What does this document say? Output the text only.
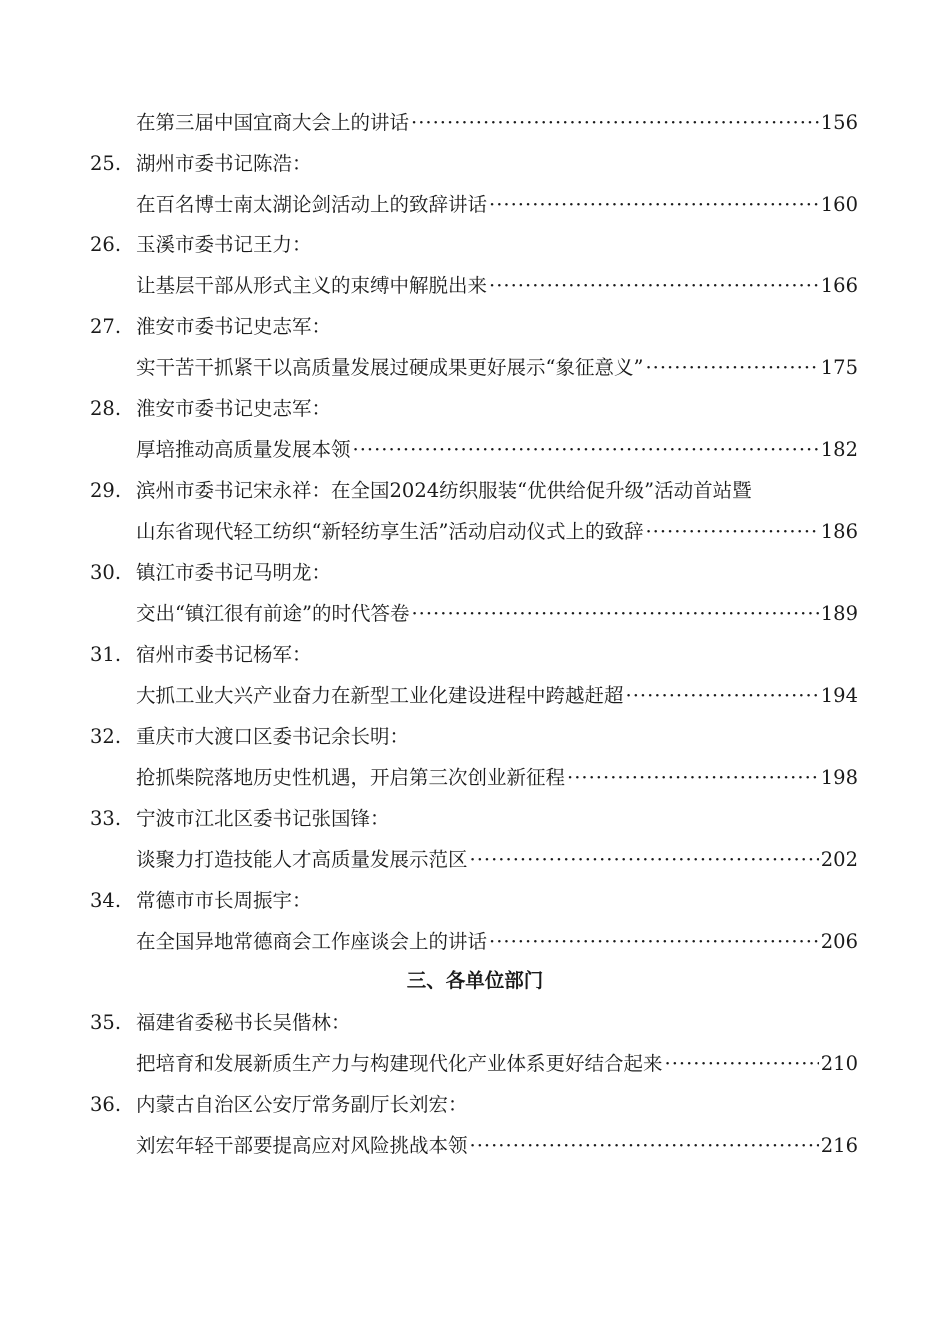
在第三届中国宜商大会上的讲话 ·····	156
25. 湖州市委书记陈浩：
在百名博士南太湖论剑活动上的致辞讲话 ·····	160
26. 玉溪市委书记王力：
让基层干部从形式主义的束缚中解脱出来 ·····	166
27. 淮安市委书记史志军：
实干苦干抓紧干以高质量发展过硬成果更好展示“象征意义” ·····	175
28. 淮安市委书记史志军：
厚培推动高质量发展本领 ·····	182
29. 滨州市委书记宋永祥：在全国2024纺织服装“优供给促升级”活动首站暨
山东省现代轻工纺织“新轻纺享生活”活动启动仪式上的致辞 ·····	186
30. 镇江市委书记马明龙：
交出“镇江很有前途”的时代答卷 ·····	189
31. 宿州市委书记杨军：
大抓工业大兴产业奋力在新型工业化建设进程中跨越赶超 ·····	194
32. 重庆市大渡口区委书记余长明：
抢抓柴院落地历史性机遇，开启第三次创业新征程 ·····	198
33. 宁波市江北区委书记张国锋：
谈聚力打造技能人才高质量发展示范区 ·····	202
34. 常德市市长周振宇：
在全国异地常德商会工作座谈会上的讲话 ·····	206
三、各单位部门
35. 福建省委秘书长吴偕林：
把培育和发展新质生产力与构建现代化产业体系更好结合起来 ·····	210
36. 内蒙古自治区公安厅常务副厅长刘宏：
刘宏年轻干部要提高应对风险挑战本领 ·····	216
